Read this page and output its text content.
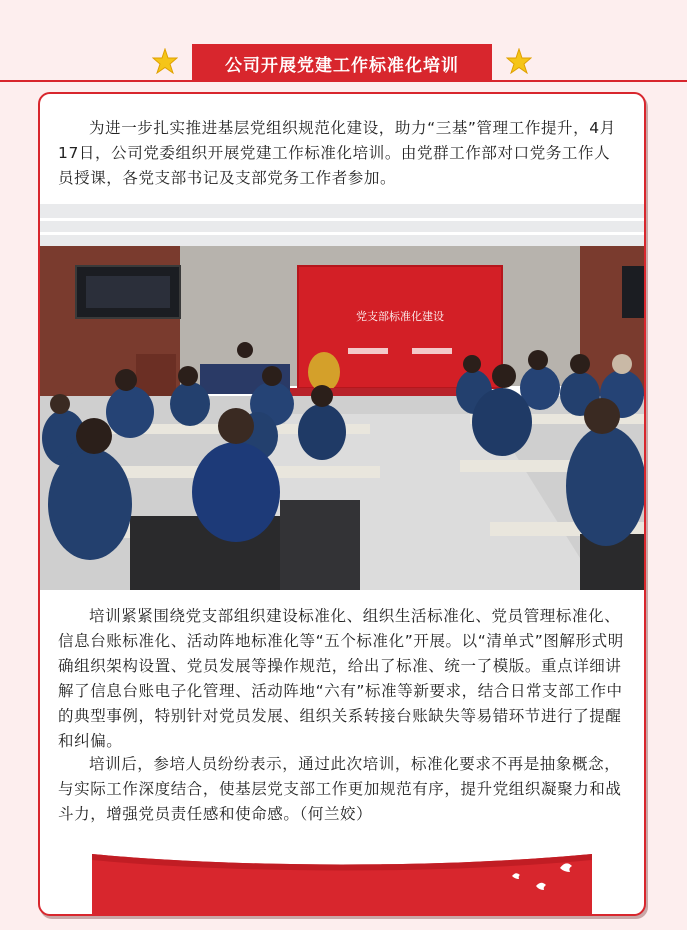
公司开展党建工作标准化培训

为进一步扎实推进基层党组织规范化建设，助力“三基”管理工作提升，4月17日，公司党委组织开展党建工作标准化培训。由党群工作部对口党务工作人员授课，各党支部书记及支部党务工作者参加。

党支部标准化建设

培训紧紧围绕党支部组织建设标准化、组织生活标准化、党员管理标准化、信息台账标准化、活动阵地标准化等“五个标准化”开展。以“清单式”图解形式明确组织架构设置、党员发展等操作规范，给出了标准、统一了模版。重点详细讲解了信息台账电子化管理、活动阵地“六有”标准等新要求，结合日常支部工作中的典型事例，特别针对党员发展、组织关系转接台账缺失等易错环节进行了提醒和纠偏。

培训后，参培人员纷纷表示，通过此次培训，标准化要求不再是抽象概念，与实际工作深度结合，使基层党支部工作更加规范有序，提升党组织凝聚力和战斗力，增强党员责任感和使命感。（何兰姣）
